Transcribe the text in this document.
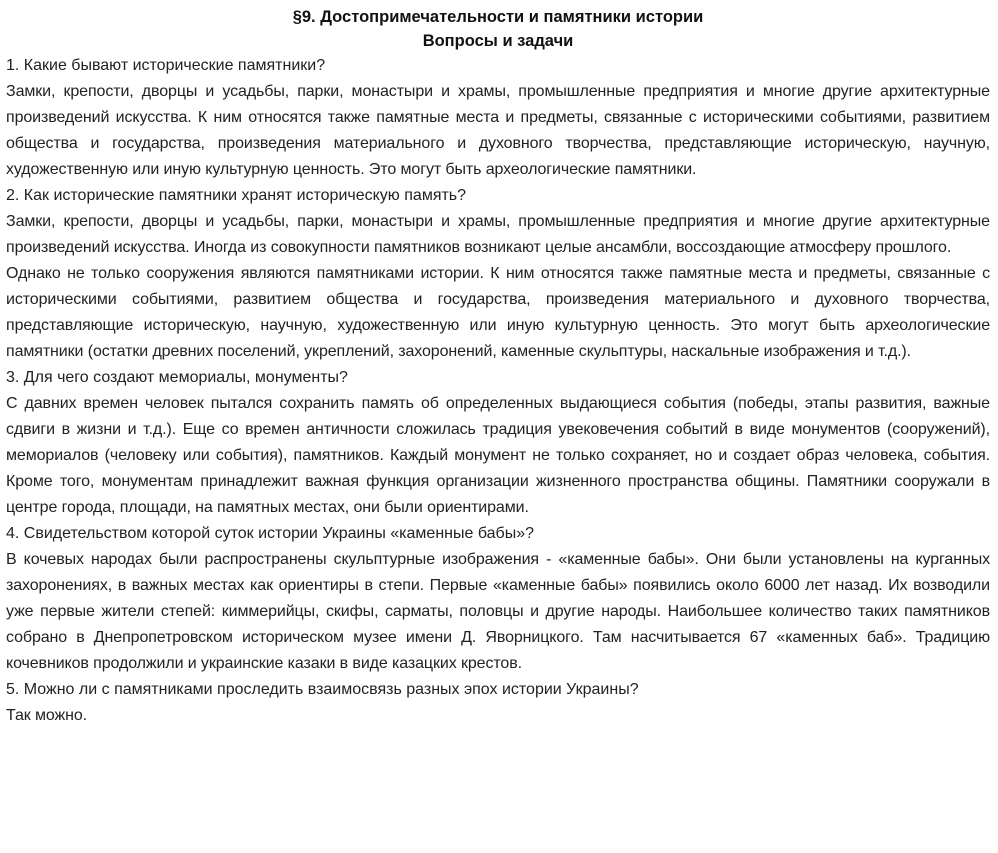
§9. Достопримечательности и памятники истории
Вопросы и задачи

1. Какие бывают исторические памятники?

Замки, крепости, дворцы и усадьбы, парки, монастыри и храмы, промышленные предприятия и многие другие архитектурные произведений искусства. К ним относятся также памятные места и предметы, связанные с историческими событиями, развитием общества и государства, произведения материального и духовного творчества, представляющие историческую, научную, художественную или иную культурную ценность. Это могут быть археологические памятники.

2. Как исторические памятники хранят историческую память?

Замки, крепости, дворцы и усадьбы, парки, монастыри и храмы, промышленные предприятия и многие другие архитектурные произведений искусства. Иногда из совокупности памятников возникают целые ансамбли, воссоздающие атмосферу прошлого.

Однако не только сооружения являются памятниками истории. К ним относятся также памятные места и предметы, связанные с историческими событиями, развитием общества и государства, произведения материального и духовного творчества, представляющие историческую, научную, художественную или иную культурную ценность. Это могут быть археологические памятники (остатки древних поселений, укреплений, захоронений, каменные скульптуры, наскальные изображения и т.д.).

3. Для чего создают мемориалы, монументы?

С давних времен человек пытался сохранить память об определенных выдающиеся события (победы, этапы развития, важные сдвиги в жизни и т.д.). Еще со времен античности сложилась традиция увековечения событий в виде монументов (сооружений), мемориалов (человеку или события), памятников. Каждый монумент не только сохраняет, но и создает образ человека, события. Кроме того, монументам принадлежит важная функция организации жизненного пространства общины. Памятники сооружали в центре города, площади, на памятных местах, они были ориентирами.

4. Свидетельством которой суток истории Украины «каменные бабы»?

В кочевых народах были распространены скульптурные изображения - «каменные бабы». Они были установлены на курганных захоронениях, в важных местах как ориентиры в степи. Первые «каменные бабы» появились около 6000 лет назад. Их возводили уже первые жители степей: киммерийцы, скифы, сарматы, половцы и другие народы. Наибольшее количество таких памятников собрано в Днепропетровском историческом музее имени Д. Яворницкого. Там насчитывается 67 «каменных баб». Традицию кочевников продолжили и украинские казаки в виде казацких крестов.

5. Можно ли с памятниками проследить взаимосвязь разных эпох истории Украины?

Так можно.
